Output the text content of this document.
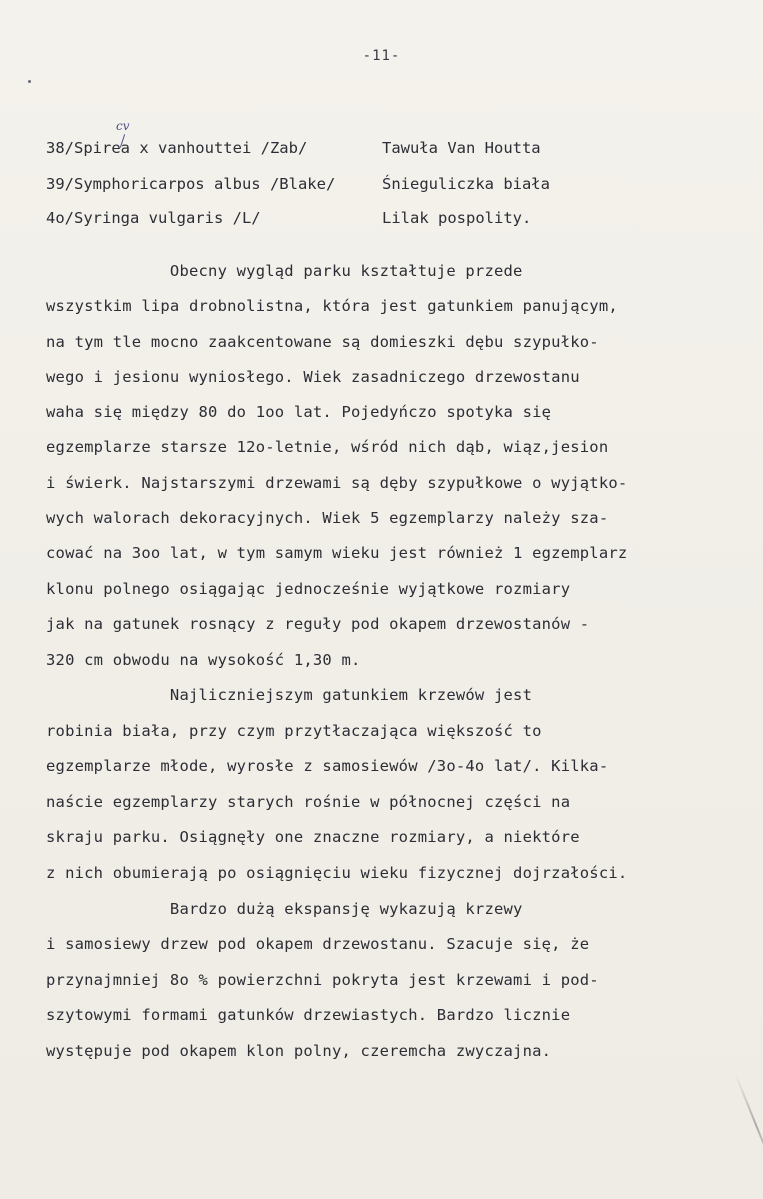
-11-
cv
38/Spirea x vanhouttei /Zab/	Tawuła Van Houtta
39/Symphoricarpos albus /Blake/	Śnieguliczka biała
4o/Syringa vulgaris /L/	Lilak pospolity.
Obecny wygląd parku kształtuje przede
wszystkim lipa drobnolistna, która jest gatunkiem panującym,
na tym tle mocno zaakcentowane są domieszki dębu szypułko-
wego i jesionu wyniosłego. Wiek zasadniczego drzewostanu
waha się między 80 do 1oo lat. Pojedyńczo spotyka się
egzemplarze starsze 12o-letnie, wśród nich dąb, wiąz,jesion
i świerk. Najstarszymi drzewami są dęby szypułkowe o wyjątko-
wych walorach dekoracyjnych. Wiek 5 egzemplarzy należy sza-
cować na 3oo lat, w tym samym wieku jest również 1 egzemplarz
klonu polnego osiągając jednocześnie wyjątkowe rozmiary
jak na gatunek rosnący z reguły pod okapem drzewostanów -
320 cm obwodu na wysokość 1,30 m.
Najliczniejszym gatunkiem krzewów jest
robinia biała, przy czym przytłaczająca większość to
egzemplarze młode, wyrosłe z samosiewów /3o-4o lat/. Kilka-
naście egzemplarzy starych rośnie w północnej części na
skraju parku. Osiągnęły one znaczne rozmiary, a niektóre
z nich obumierają po osiągnięciu wieku fizycznej dojrzałości.
Bardzo dużą ekspansję wykazują krzewy
i samosiewy drzew pod okapem drzewostanu. Szacuje się, że
przynajmniej 8o % powierzchni pokryta jest krzewami i pod-
szytowymi formami gatunków drzewiastych. Bardzo licznie
występuje pod okapem klon polny, czeremcha zwyczajna.
